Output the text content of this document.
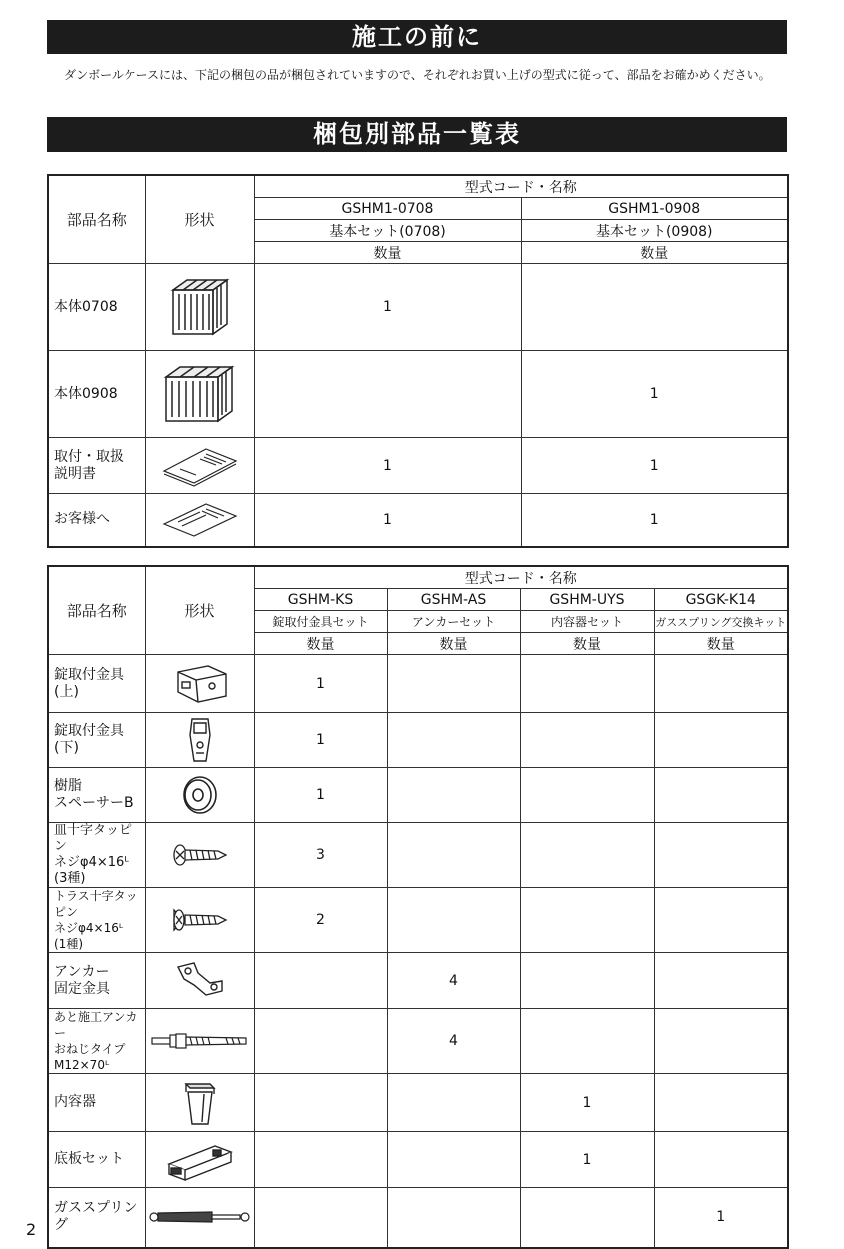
施工の前に
ダンボールケースには、下記の梱包の品が梱包されていますので、それぞれお買い上げの型式に従って、部品をお確かめください。
梱包別部品一覧表
部品名称	形状	型式コード・名称	
		GSHM1-0708	GSHM1-0908
		基本セット(0708)	基本セット(0908)
		数量	数量
本体0708		1	
本体0908			1
取付・取扱
説明書		1	1
お客様へ		1	1
部品名称	形状	型式コード・名称			
		GSHM-KS	GSHM-AS	GSHM-UYS	GSGK-K14
		錠取付金具セット	アンカーセット	内容器セット	ガススプリング交換キット
		数量	数量	数量	数量
錠取付金具
(上)		1			
錠取付金具
(下)		1			
樹脂
スペーサーB		1			
皿十字タッピン
ネジφ4×16ᴸ
(3種)		3			
トラス十字タッピン
ネジφ4×16ᴸ
(1種)		2			
アンカー
固定金具			4		
あと施工アンカー
おねじタイプ
M12×70ᴸ			4		
内容器				1	
底板セット				1	
ガススプリング					1
2
